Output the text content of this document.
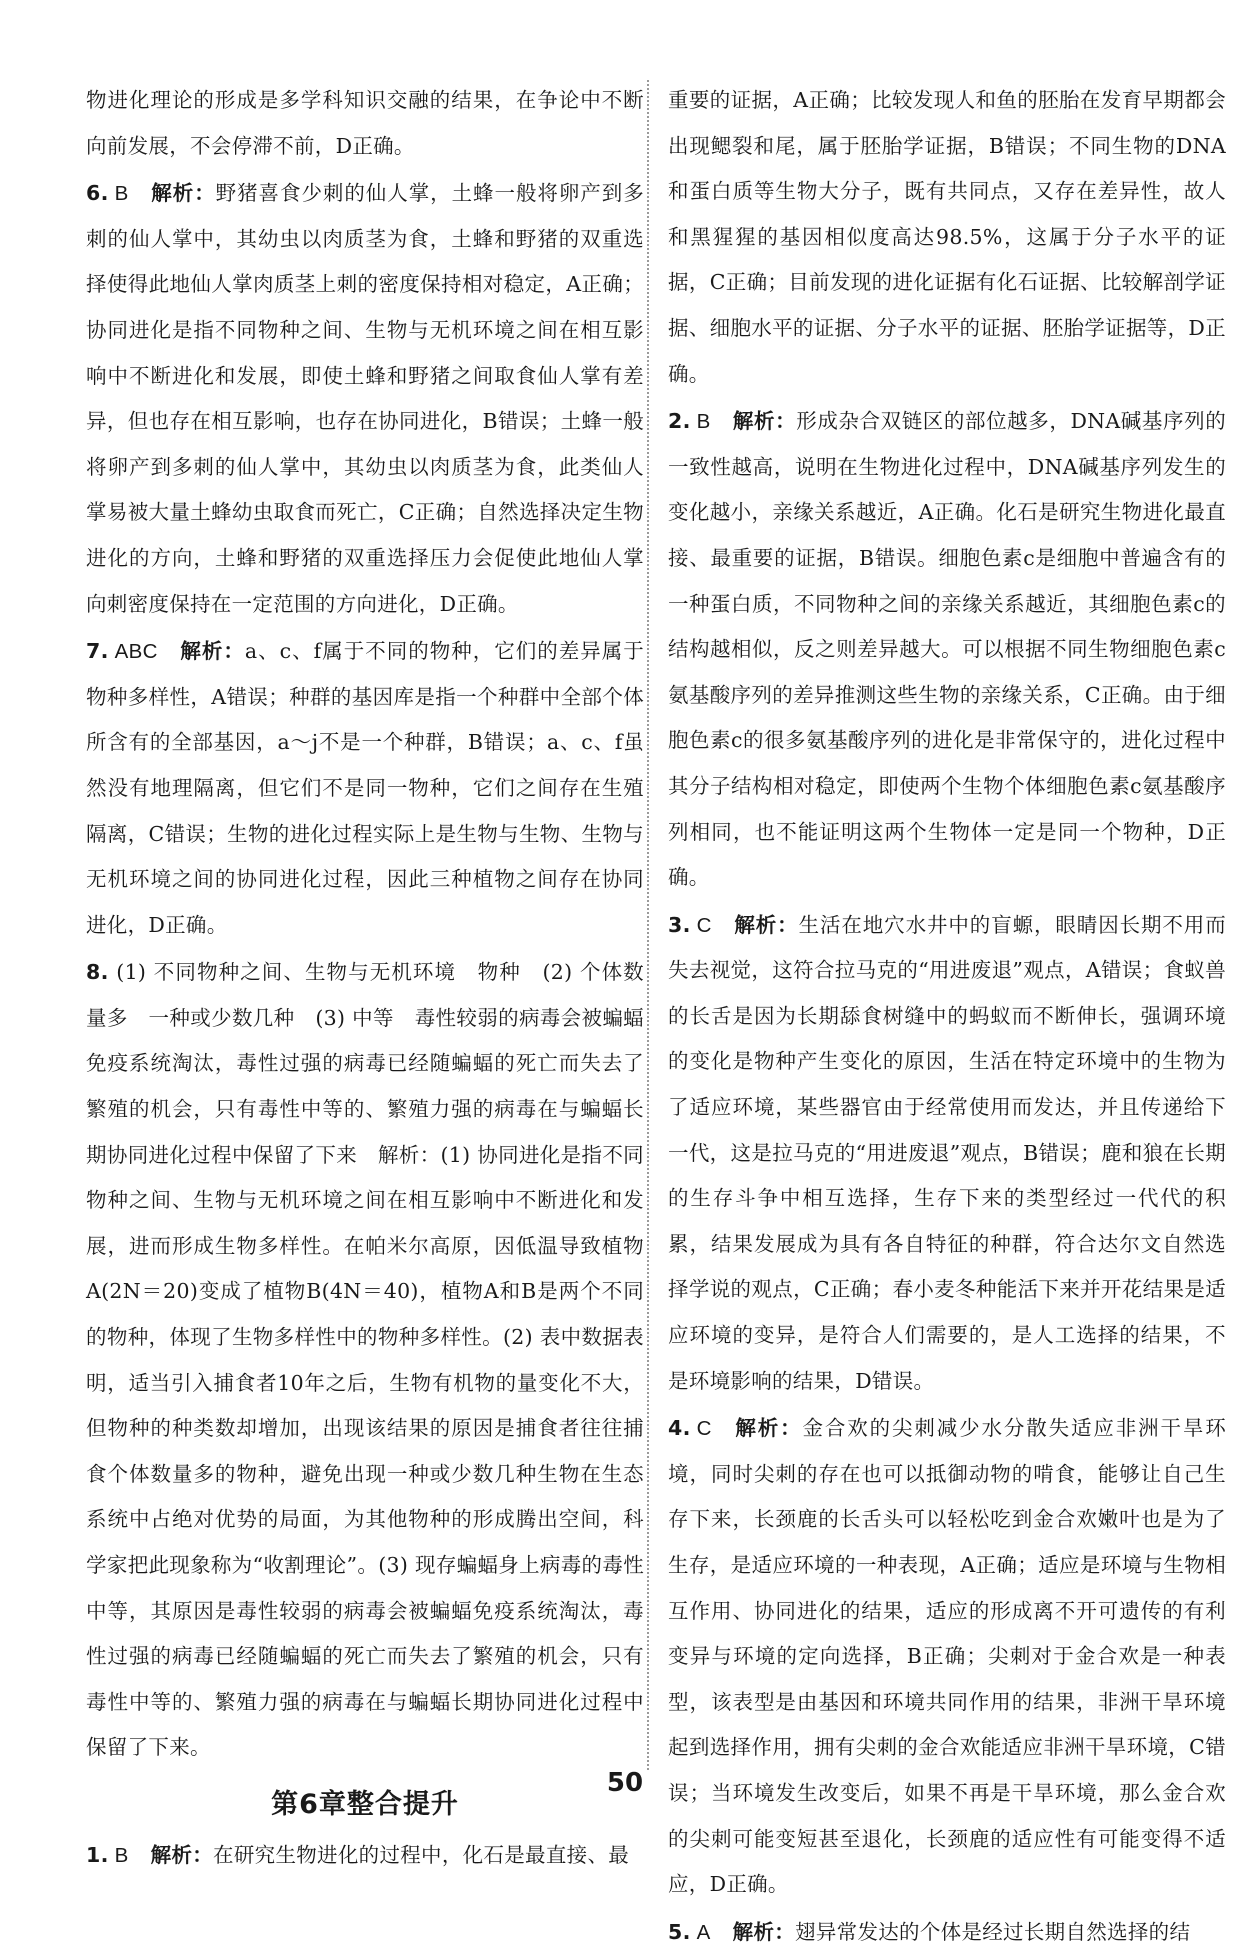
物进化理论的形成是多学科知识交融的结果，在争论中不断向前发展，不会停滞不前，D正确。

6. B 解析：野猪喜食少刺的仙人掌，土蜂一般将卵产到多刺的仙人掌中，其幼虫以肉质茎为食，土蜂和野猪的双重选择使得此地仙人掌肉质茎上刺的密度保持相对稳定，A正确；协同进化是指不同物种之间、生物与无机环境之间在相互影响中不断进化和发展，即使土蜂和野猪之间取食仙人掌有差异，但也存在相互影响，也存在协同进化，B错误；土蜂一般将卵产到多刺的仙人掌中，其幼虫以肉质茎为食，此类仙人掌易被大量土蜂幼虫取食而死亡，C正确；自然选择决定生物进化的方向，土蜂和野猪的双重选择压力会促使此地仙人掌向刺密度保持在一定范围的方向进化，D正确。

7. ABC 解析：a、c、f属于不同的物种，它们的差异属于物种多样性，A错误；种群的基因库是指一个种群中全部个体所含有的全部基因，a～j不是一个种群，B错误；a、c、f虽然没有地理隔离，但它们不是同一物种，它们之间存在生殖隔离，C错误；生物的进化过程实际上是生物与生物、生物与无机环境之间的协同进化过程，因此三种植物之间存在协同进化，D正确。

8. (1) 不同物种之间、生物与无机环境　物种　(2) 个体数量多　一种或少数几种　(3) 中等　毒性较弱的病毒会被蝙蝠免疫系统淘汰，毒性过强的病毒已经随蝙蝠的死亡而失去了繁殖的机会，只有毒性中等的、繁殖力强的病毒在与蝙蝠长期协同进化过程中保留了下来　解析：(1) 协同进化是指不同物种之间、生物与无机环境之间在相互影响中不断进化和发展，进而形成生物多样性。在帕米尔高原，因低温导致植物A(2N＝20)变成了植物B(4N＝40)，植物A和B是两个不同的物种，体现了生物多样性中的物种多样性。(2) 表中数据表明，适当引入捕食者10年之后，生物有机物的量变化不大，但物种的种类数却增加，出现该结果的原因是捕食者往往捕食个体数量多的物种，避免出现一种或少数几种生物在生态系统中占绝对优势的局面，为其他物种的形成腾出空间，科学家把此现象称为“收割理论”。(3) 现存蝙蝠身上病毒的毒性中等，其原因是毒性较弱的病毒会被蝙蝠免疫系统淘汰，毒性过强的病毒已经随蝙蝠的死亡而失去了繁殖的机会，只有毒性中等的、繁殖力强的病毒在与蝙蝠长期协同进化过程中保留了下来。

第6章整合提升

1. B 解析：在研究生物进化的过程中，化石是最直接、最

重要的证据，A正确；比较发现人和鱼的胚胎在发育早期都会出现鳃裂和尾，属于胚胎学证据，B错误；不同生物的DNA和蛋白质等生物大分子，既有共同点，又存在差异性，故人和黑猩猩的基因相似度高达98.5%，这属于分子水平的证据，C正确；目前发现的进化证据有化石证据、比较解剖学证据、细胞水平的证据、分子水平的证据、胚胎学证据等，D正确。

2. B 解析：形成杂合双链区的部位越多，DNA碱基序列的一致性越高，说明在生物进化过程中，DNA碱基序列发生的变化越小，亲缘关系越近，A正确。化石是研究生物进化最直接、最重要的证据，B错误。细胞色素c是细胞中普遍含有的一种蛋白质，不同物种之间的亲缘关系越近，其细胞色素c的结构越相似，反之则差异越大。可以根据不同生物细胞色素c氨基酸序列的差异推测这些生物的亲缘关系，C正确。由于细胞色素c的很多氨基酸序列的进化是非常保守的，进化过程中其分子结构相对稳定，即使两个生物个体细胞色素c氨基酸序列相同，也不能证明这两个生物体一定是同一个物种，D正确。

3. C 解析：生活在地穴水井中的盲螈，眼睛因长期不用而失去视觉，这符合拉马克的“用进废退”观点，A错误；食蚁兽的长舌是因为长期舔食树缝中的蚂蚁而不断伸长，强调环境的变化是物种产生变化的原因，生活在特定环境中的生物为了适应环境，某些器官由于经常使用而发达，并且传递给下一代，这是拉马克的“用进废退”观点，B错误；鹿和狼在长期的生存斗争中相互选择，生存下来的类型经过一代代的积累，结果发展成为具有各自特征的种群，符合达尔文自然选择学说的观点，C正确；春小麦冬种能活下来并开花结果是适应环境的变异，是符合人们需要的，是人工选择的结果，不是环境影响的结果，D错误。

4. C 解析：金合欢的尖刺减少水分散失适应非洲干旱环境，同时尖刺的存在也可以抵御动物的啃食，能够让自己生存下来，长颈鹿的长舌头可以轻松吃到金合欢嫩叶也是为了生存，是适应环境的一种表现，A正确；适应是环境与生物相互作用、协同进化的结果，适应的形成离不开可遗传的有利变异与环境的定向选择，B正确；尖刺对于金合欢是一种表型，该表型是由基因和环境共同作用的结果，非洲干旱环境起到选择作用，拥有尖刺的金合欢能适应非洲干旱环境，C错误；当环境发生改变后，如果不再是干旱环境，那么金合欢的尖刺可能变短甚至退化，长颈鹿的适应性有可能变得不适应，D正确。

5. A 解析：翅异常发达的个体是经过长期自然选择的结

50
